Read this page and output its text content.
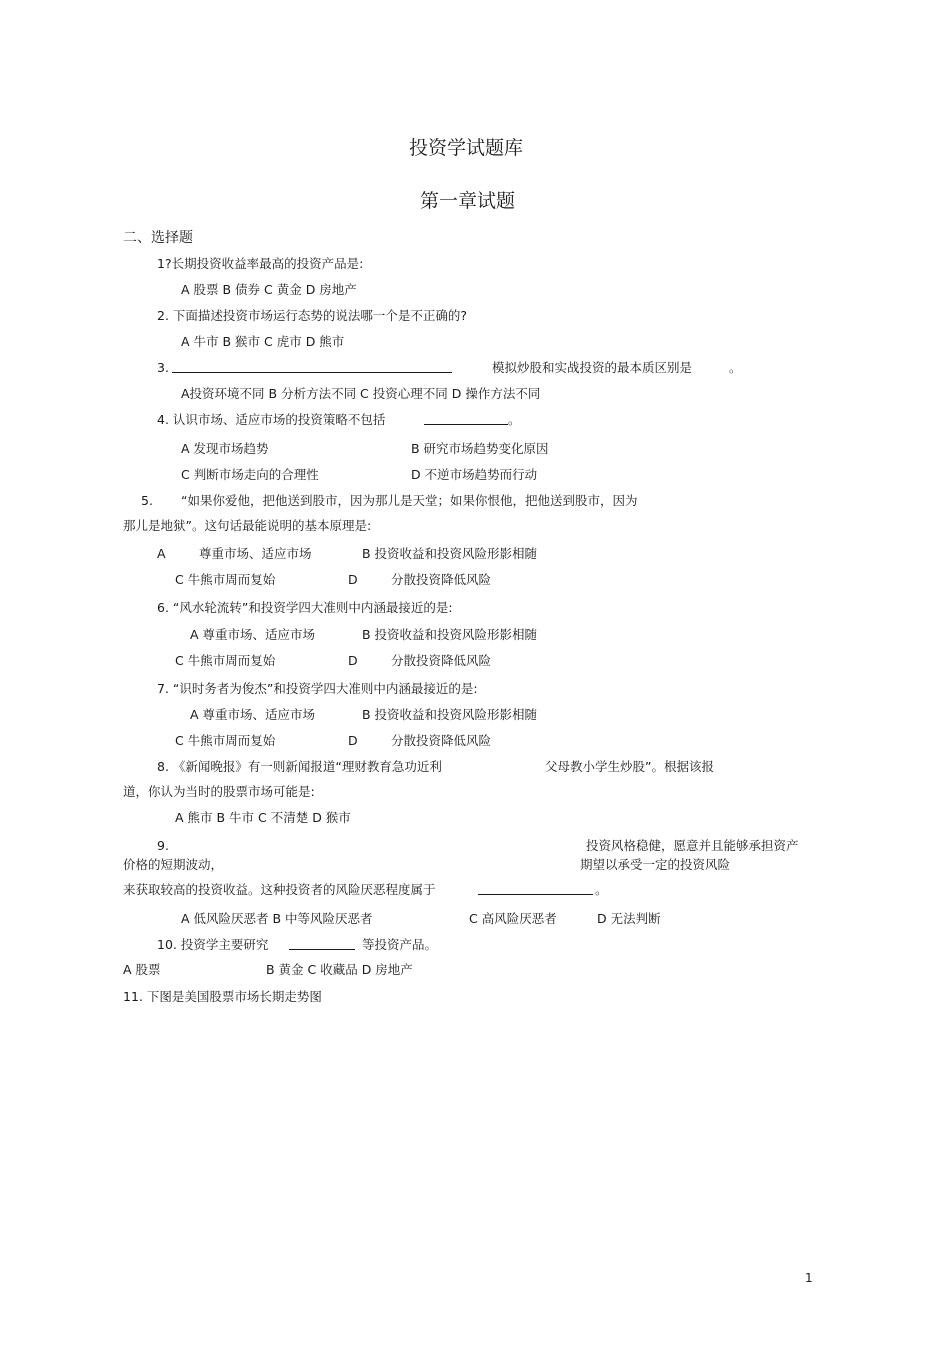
投资学试题库
第一章试题
二、选择题
1?长期投资收益率最高的投资产品是:
A 股票 B 债券 C 黄金 D 房地产
2. 下面描述投资市场运行态势的说法哪一个是不正确的?
A 牛市 B 猴市 C 虎市 D 熊市
3.	模拟炒股和实战投资的最本质区别是	。
A投资环境不同 B 分析方法不同 C 投资心理不同 D 操作方法不同
4. 认识市场、适应市场的投资策略不包括	。
A 发现市场趋势	B 研究市场趋势变化原因
C 判断市场走向的合理性	D 不逆市场趋势而行动
5. “如果你爱他，把他送到股市，因为那儿是天堂；如果你恨他，把他送到股市，因为
那儿是地狱”。这句话最能说明的基本原理是:
A	尊重市场、适应市场	B 投资收益和投资风险形影相随
C 牛熊市周而复始	D	分散投资降低风险
6. “风水轮流转”和投资学四大准则中内涵最接近的是:
A 尊重市场、适应市场	B 投资收益和投资风险形影相随
C 牛熊市周而复始	D	分散投资降低风险
7. “识时务者为俊杰”和投资学四大准则中内涵最接近的是:
A 尊重市场、适应市场	B 投资收益和投资风险形影相随
C 牛熊市周而复始	D	分散投资降低风险
8. 《新闻晚报》有一则新闻报道“理财教育急功近利	父母教小学生炒股”。根据该报
道，你认为当时的股票市场可能是:
A 熊市 B 牛市 C 不清楚 D 猴市
9.	投资风格稳健，愿意并且能够承担资产
价格的短期波动，	期望以承受一定的投资风险
来获取较高的投资收益。这种投资者的风险厌恶程度属于	。
A 低风险厌恶者 B 中等风险厌恶者	C 高风险厌恶者	D 无法判断
10. 投资学主要研究	等投资产品。
A 股票	B 黄金 C 收藏品 D 房地产
11. 下图是美国股票市场长期走势图
1
